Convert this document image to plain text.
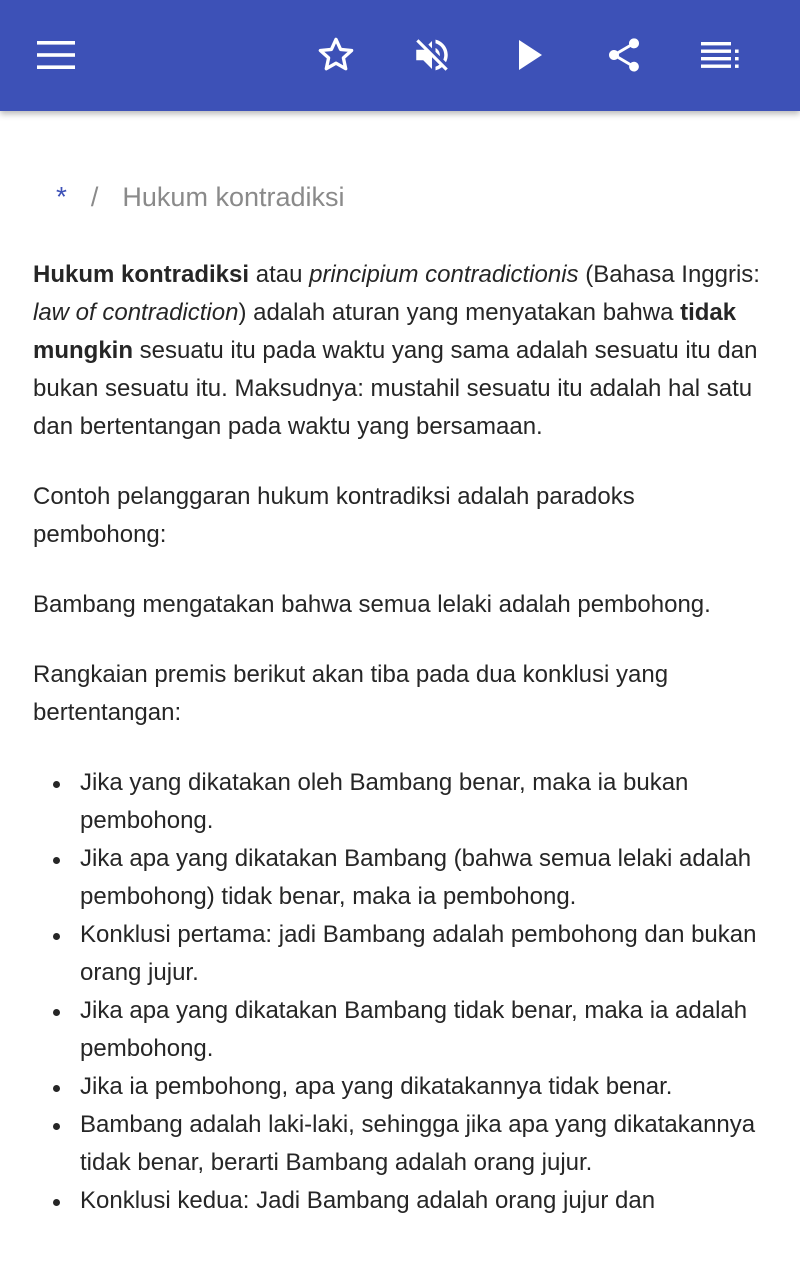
* / Hukum kontradiksi

Hukum kontradiksi atau principium contradictionis (Bahasa Inggris: law of contradiction) adalah aturan yang menyatakan bahwa tidak mungkin sesuatu itu pada waktu yang sama adalah sesuatu itu dan bukan sesuatu itu. Maksudnya: mustahil sesuatu itu adalah hal satu dan bertentangan pada waktu yang bersamaan.

Contoh pelanggaran hukum kontradiksi adalah paradoks pembohong:

Bambang mengatakan bahwa semua lelaki adalah pembohong.

Rangkaian premis berikut akan tiba pada dua konklusi yang bertentangan:

Jika yang dikatakan oleh Bambang benar, maka ia bukan pembohong.
Jika apa yang dikatakan Bambang (bahwa semua lelaki adalah pembohong) tidak benar, maka ia pembohong.
Konklusi pertama: jadi Bambang adalah pembohong dan bukan orang jujur.
Jika apa yang dikatakan Bambang tidak benar, maka ia adalah pembohong.
Jika ia pembohong, apa yang dikatakannya tidak benar.
Bambang adalah laki-laki, sehingga jika apa yang dikatakannya tidak benar, berarti Bambang adalah orang jujur.
Konklusi kedua: Jadi Bambang adalah orang jujur dan
